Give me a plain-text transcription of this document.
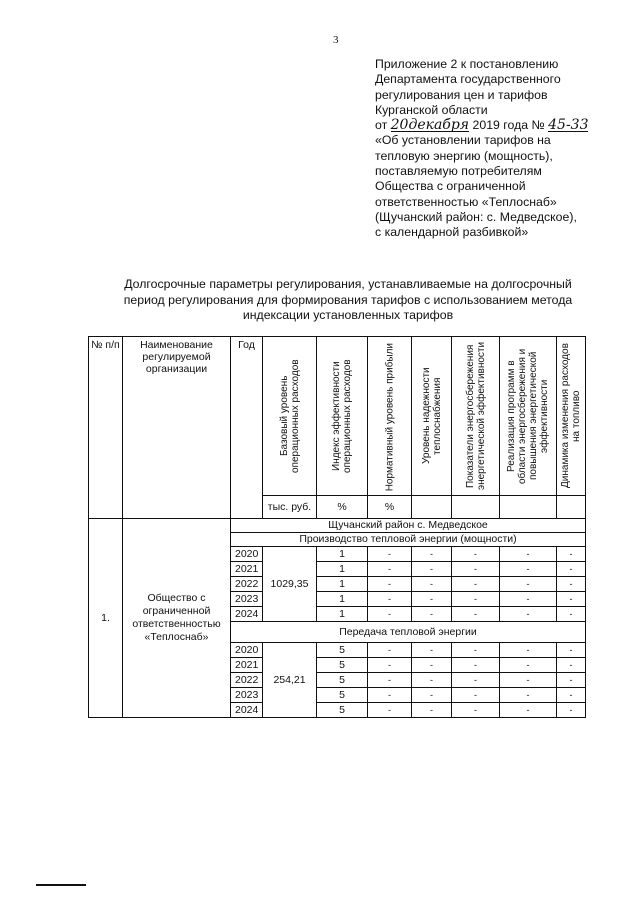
3
Приложение 2 к постановлению
Департамента государственного
регулирования цен и тарифов
Курганской области
от 20декабря 2019 года № 45-33
«Об установлении тарифов на
тепловую энергию (мощность),
поставляемую потребителям
Общества с ограниченной
ответственностью «Теплоснаб»
(Щучанский район: с. Медведское),
с календарной разбивкой»
Долгосрочные параметры регулирования, устанавливаемые на долгосрочный
период регулирования для формирования тарифов с использованием метода
индексации установленных тарифов
№ п/п	Наименование регулируемой организации	Год	Базовый уровень операционных расходов	Индекс эффективности операционных расходов	Нормативный уровень прибыли	Уровень надежности теплоснабжения	Показатели энергосбережения энергетической эффективности	Реализация программ в области энергосбережения и повышения энергетической эффективности	Динамика изменения расходов на топливо

			тыс. руб.	%	%				
1.	Общество с ограниченной ответственностью «Теплоснаб»	Щучанский район с. Медведское							
		Производство тепловой энергии (мощности)							
		2020	1029,35	1	-	-	-	-	-
		2021		1	-	-	-	-	-
		2022		1	-	-	-	-	-
		2023		1	-	-	-	-	-
		2024		1	-	-	-	-	-
		Передача тепловой энергии							
		2020	254,21	5	-	-	-	-	-
		2021		5	-	-	-	-	-
		2022		5	-	-	-	-	-
		2023		5	-	-	-	-	-
		2024		5	-	-	-	-	-
